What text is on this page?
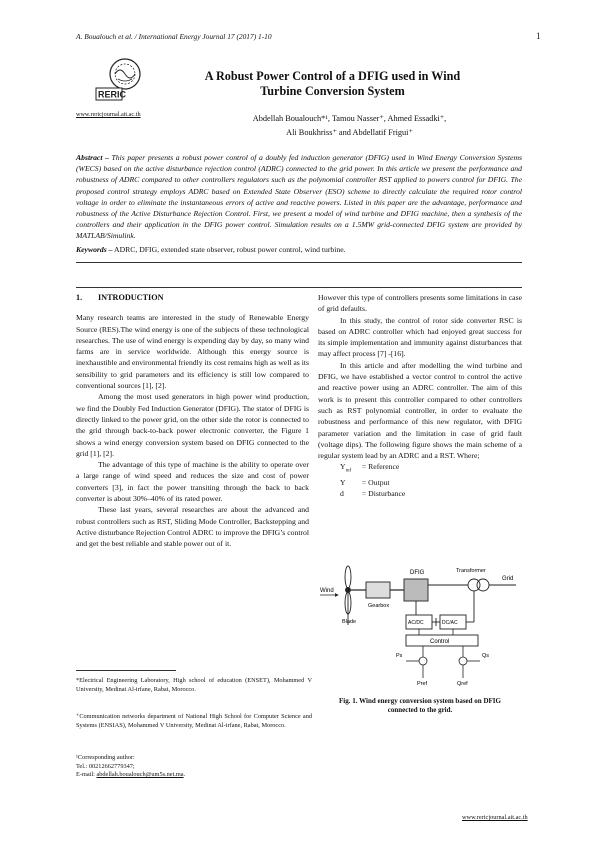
A. Boualouch et al. / International Energy Journal 17 (2017) 1-10	1
RERIC
www.rericjournal.ait.ac.th
A Robust Power Control of a DFIG used in Wind
Turbine Conversion System
Abdellah Boualouch*¹, Tamou Nasser⁺, Ahmed Essadki⁺,
Ali Boukhriss⁺ and Abdellatif Frigui⁺
Abstract – This paper presents a robust power control of a doubly fed induction generator (DFIG) used in Wind Energy Conversion Systems (WECS) based on the active disturbance rejection control (ADRC) connected to the grid power. In this article we present the performance and robustness of ADRC compared to other controllers regulators such as the polynomial controller RST applied to powers control for DFIG. The proposed control strategy employs ADRC based on Extended State Observer (ESO) scheme to directly calculate the required rotor control voltage in order to eliminate the instantaneous errors of active and reactive powers. Listed in this paper are the advantage, performance and robustness of the Active Disturbance Rejection Control. First, we present a model of wind turbine and DFIG machine, then a synthesis of the controllers and their application in the DFIG power control. Simulation results on a 1.5MW grid-connected DFIG system are provided by MATLAB/Simulink.
Keywords – ADRC, DFIG, extended state observer, robust power control, wind turbine.

1. INTRODUCTION

Many research teams are interested in the study of Renewable Energy Source (RES).The wind energy is one of the subjects of these technological researches. The use of wind energy is expending day by day, so many wind farms are in service worldwide. Although this energy source is inexhaustible and environmental friendly its cost remains high as well as its sensibility to grid parameters and its efficiency is still low compared to conventional sources [1], [2].

Among the most used generators in high power wind production, we find the Doubly Fed Induction Generator (DFIG). The stator of DFIG is directly linked to the power grid, on the other side the rotor is connected to the grid through back-to-back power electronic converter, the Figure 1 shows a wind energy conversion system based on DFIG connected to the grid [1], [2].

The advantage of this type of machine is the ability to operate over a large range of wind speed and reduces the size and cost of power converters [3], in fact the power transiting through the back to back converter is about 30%–40% of its rated power.

These last years, several researches are about the advanced and robust controllers such as RST, Sliding Mode Controller, Backstepping and Active disturbance Rejection Control ADRC to improve the DFIG’s control and get the best reliable and stable power out of it.

However this type of controllers presents some limitations in case of grid defaults.

In this study, the control of rotor side converter RSC is based on ADRC controller which had enjoyed great success for its simple implementation and immunity against disturbances that may affect process [7] -[16].

In this article and after modelling the wind turbine and DFIG, we have established a vector control to control the active and reactive power using an ADRC controller. The aim of this work is to present this controller compared to other controllers such as RST polynomial controller, in order to evaluate the robustness and performance of this new regulator, with DFIG parameter variation and the limitation in case of grid fault (voltage dips). The following figure shows the main scheme of a regular system lead by an ADRC and a RST. Where;

$Y_{ref}$ = Reference
Y = Output
d = Disturbance
Wind
Blade
Gearbox
DFIG	Transformer
Grid
AC/DC	DC/AC
Control
Ps	Qs
Pref	Qref
Fig. 1. Wind energy conversion system based on DFIG
connected to the grid.
*Electrical Engineering Laboratory, High school of education (ENSET), Mohammed V University, Medinat Al-irfane, Rabat, Morocco.
⁺Communication networks department of National High School for Computer Science and Systems (ENSIAS), Mohammed V University, Medinat Al-irfane, Rabat, Morocco.
¹Corresponding author:
Tel.: 00212662779347;
E-mail: abdellah.boualouch@um5s.net.ma.
www.rericjournal.ait.ac.th
